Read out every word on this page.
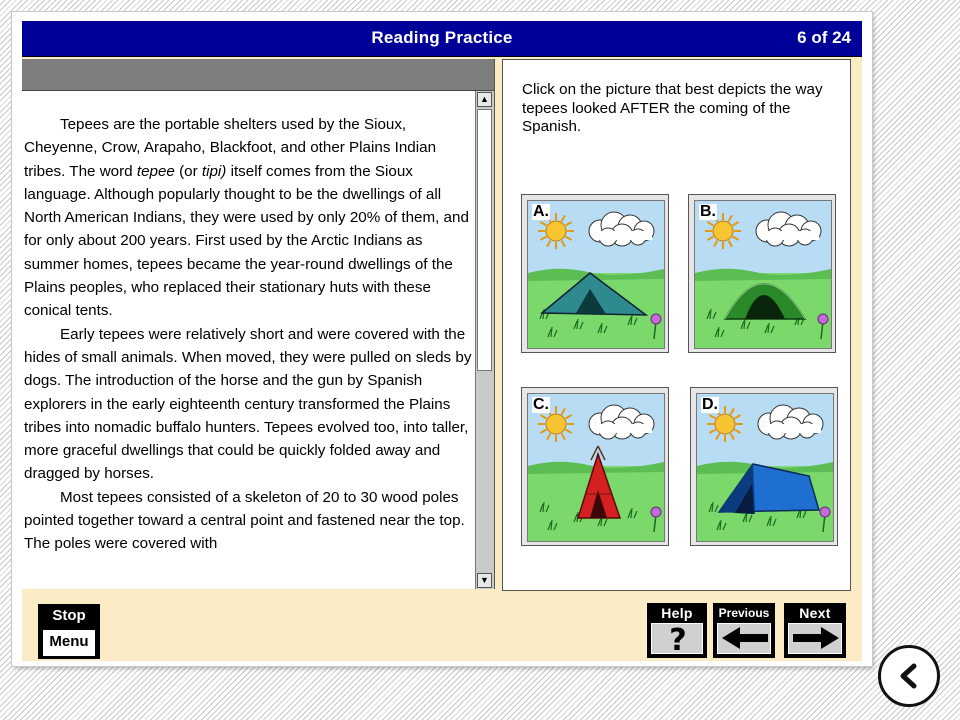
Reading Practice	6 of 24

Tepees are the portable shelters used by the Sioux, Cheyenne, Crow, Arapaho, Blackfoot, and other Plains Indian tribes. The word tepee (or tipi) itself comes from the Sioux language. Although popularly thought to be the dwellings of all North American Indians, they were used by only 20% of them, and for only about 200 years. First used by the Arctic Indians as summer homes, tepees became the year-round dwellings of the Plains peoples, who replaced their stationary huts with these conical tents.

Early tepees were relatively short and were covered with the hides of small animals. When moved, they were pulled on sleds by dogs. The introduction of the horse and the gun by Spanish explorers in the early eighteenth century transformed the Plains tribes into nomadic buffalo hunters. Tepees evolved too, into taller, more graceful dwellings that could be quickly folded away and dragged by horses.

Most tepees consisted of a skeleton of 20 to 30 wood poles pointed together toward a central point and fastened near the top. The poles were covered with

▲
▼
Click on the picture that best depicts the way tepees looked AFTER the coming of the Spanish.
A.	B.
C.	D.
Stop
Menu
Help
?
Previous	Next
